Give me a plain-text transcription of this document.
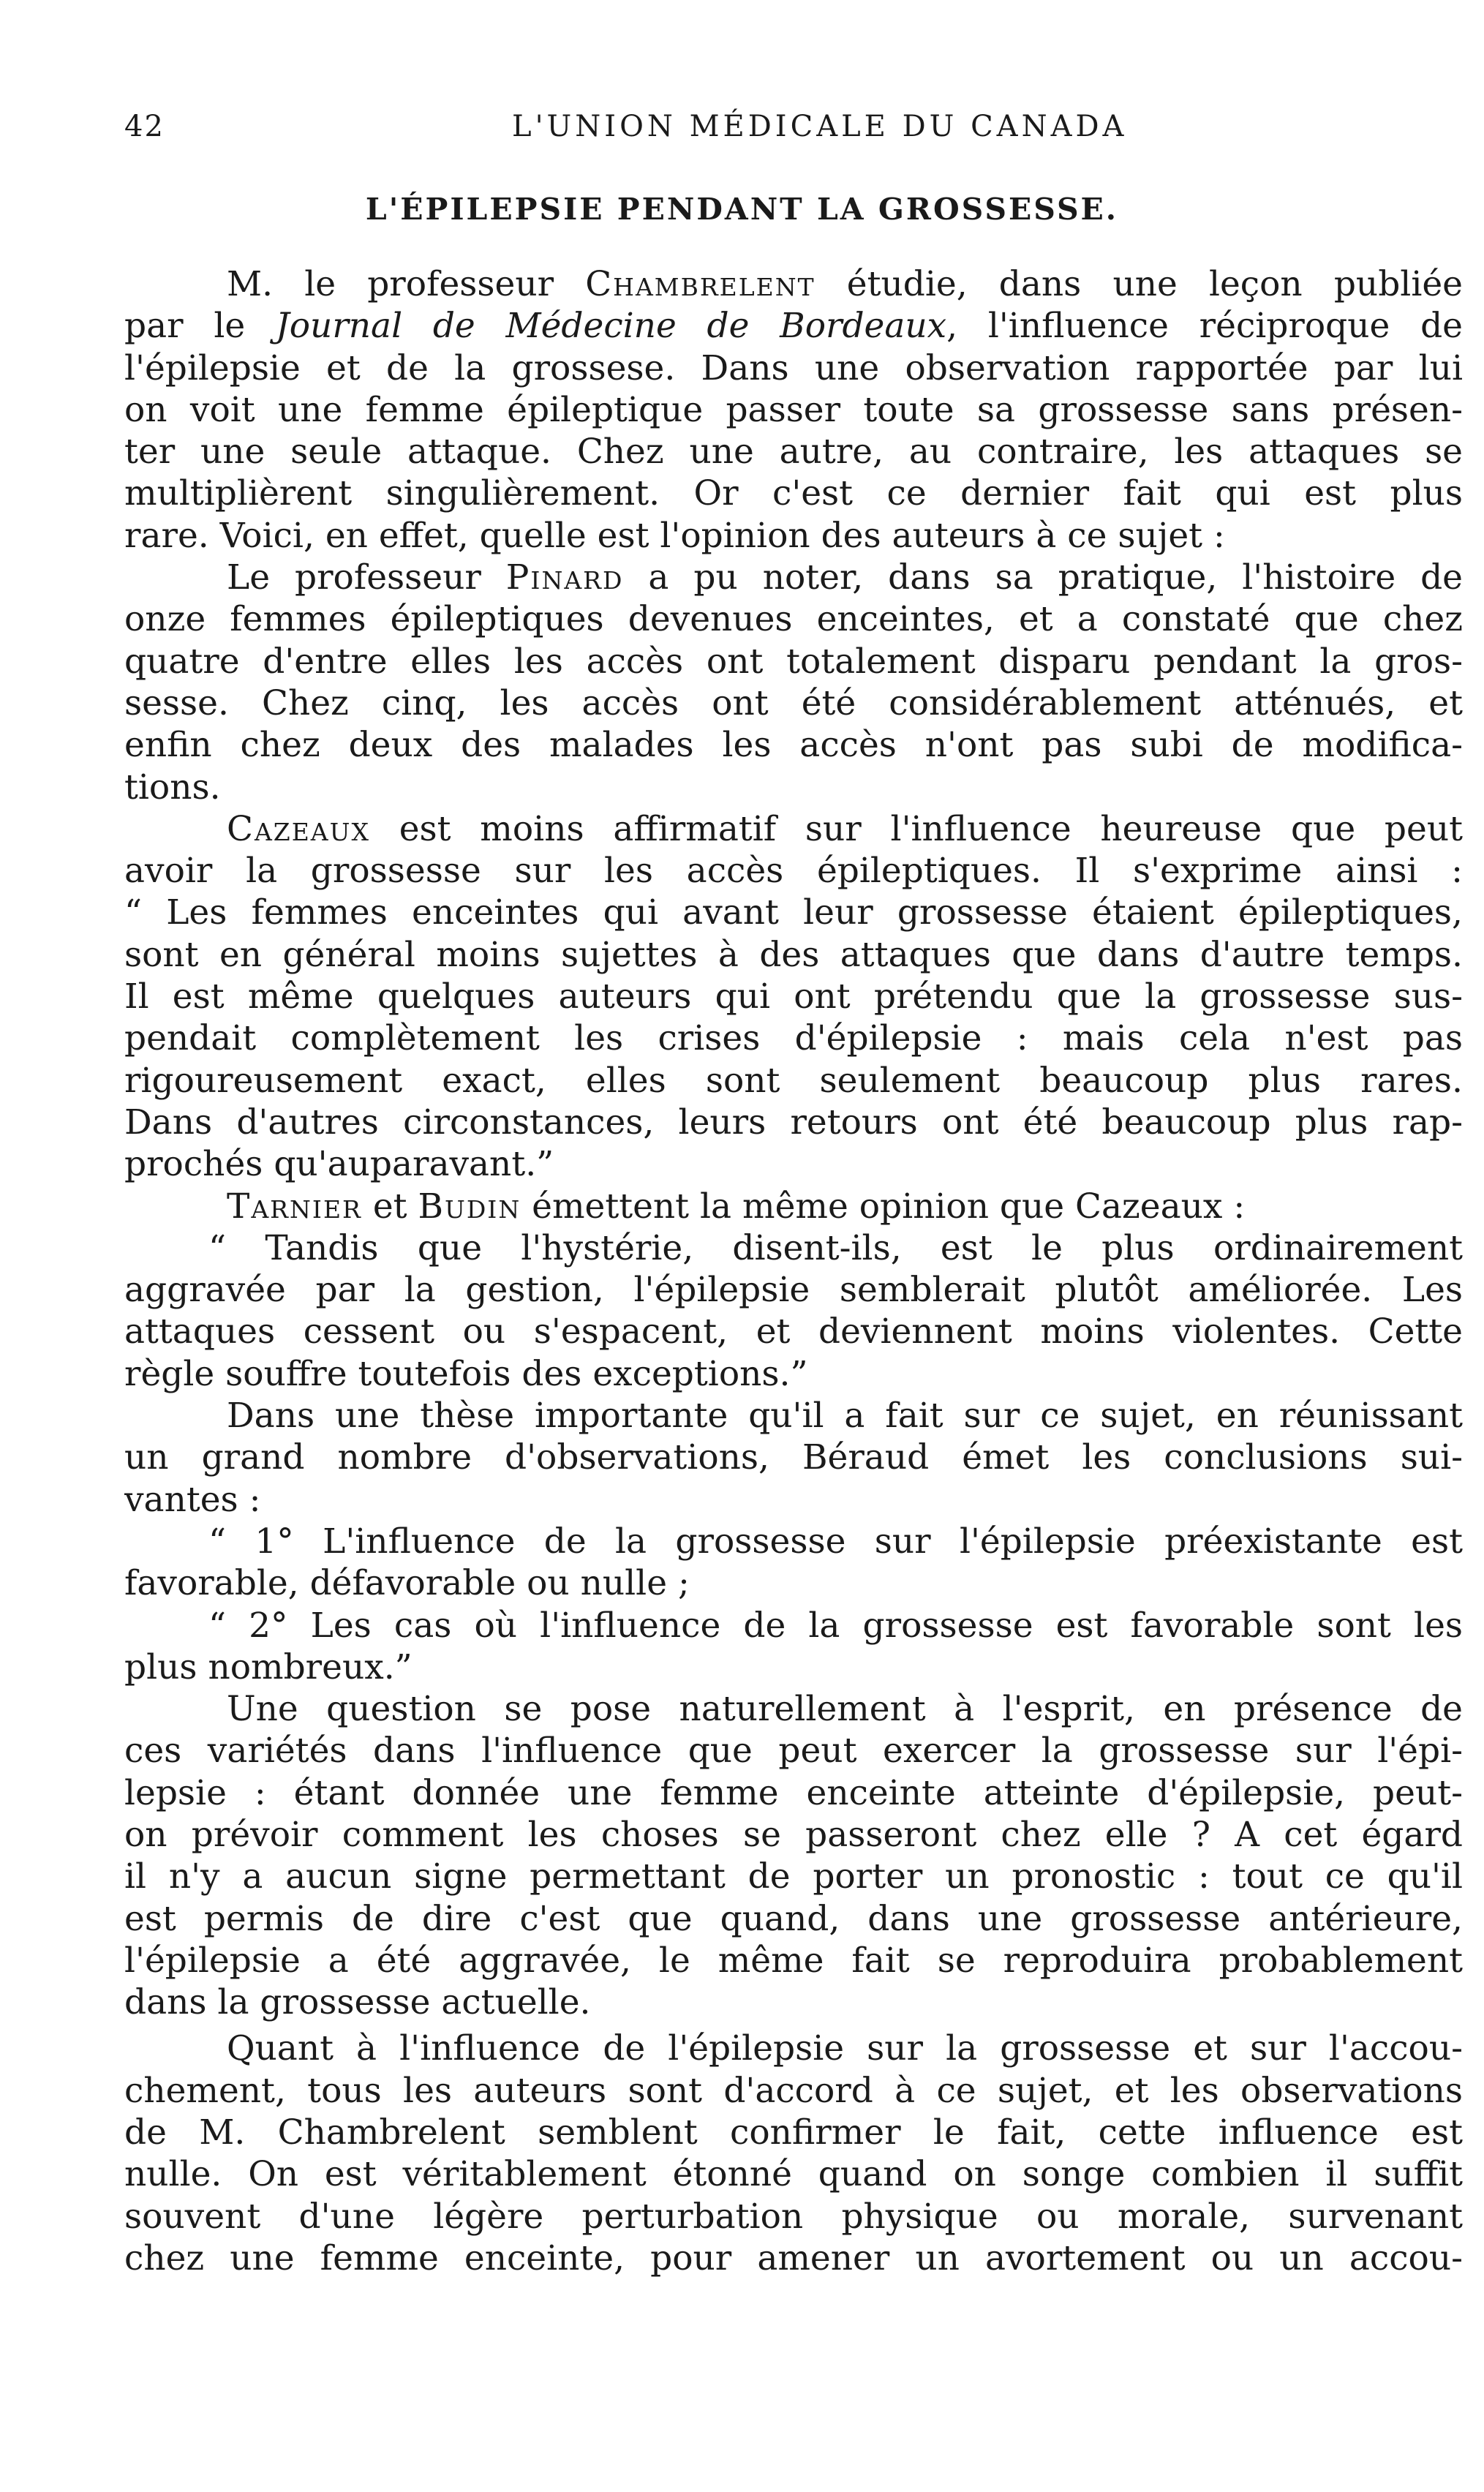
42	L'UNION MÉDICALE DU CANADA
L'ÉPILEPSIE PENDANT LA GROSSESSE.
M. le professeur Chambrelent étudie, dans une leçon publiée
par le Journal de Médecine de Bordeaux, l'influence réciproque de
l'épilepsie et de la grossese. Dans une observation rapportée par lui
on voit une femme épileptique passer toute sa grossesse sans présen-
ter une seule attaque. Chez une autre, au contraire, les attaques se
multiplièrent singulièrement. Or c'est ce dernier fait qui est plus
rare. Voici, en effet, quelle est l'opinion des auteurs à ce sujet :
Le professeur Pinard a pu noter, dans sa pratique, l'histoire de
onze femmes épileptiques devenues enceintes, et a constaté que chez
quatre d'entre elles les accès ont totalement disparu pendant la gros-
sesse. Chez cinq, les accès ont été considérablement atténués, et
enfin chez deux des malades les accès n'ont pas subi de modifica-
tions.
Cazeaux est moins affirmatif sur l'influence heureuse que peut
avoir la grossesse sur les accès épileptiques. Il s'exprime ainsi :
“ Les femmes enceintes qui avant leur grossesse étaient épileptiques,
sont en général moins sujettes à des attaques que dans d'autre temps.
Il est même quelques auteurs qui ont prétendu que la grossesse sus-
pendait complètement les crises d'épilepsie : mais cela n'est pas
rigoureusement exact, elles sont seulement beaucoup plus rares.
Dans d'autres circonstances, leurs retours ont été beaucoup plus rap-
prochés qu'auparavant.”
Tarnier et Budin émettent la même opinion que Cazeaux :
“ Tandis que l'hystérie, disent-ils, est le plus ordinairement
aggravée par la gestion, l'épilepsie semblerait plutôt améliorée. Les
attaques cessent ou s'espacent, et deviennent moins violentes. Cette
règle souffre toutefois des exceptions.”
Dans une thèse importante qu'il a fait sur ce sujet, en réunissant
un grand nombre d'observations, Béraud émet les conclusions sui-
vantes :
“ 1° L'influence de la grossesse sur l'épilepsie préexistante est
favorable, défavorable ou nulle ;
“ 2° Les cas où l'influence de la grossesse est favorable sont les
plus nombreux.”
Une question se pose naturellement à l'esprit, en présence de
ces variétés dans l'influence que peut exercer la grossesse sur l'épi-
lepsie : étant donnée une femme enceinte atteinte d'épilepsie, peut-
on prévoir comment les choses se passeront chez elle ? A cet égard
il n'y a aucun signe permettant de porter un pronostic : tout ce qu'il
est permis de dire c'est que quand, dans une grossesse antérieure,
l'épilepsie a été aggravée, le même fait se reproduira probablement
dans la grossesse actuelle.
Quant à l'influence de l'épilepsie sur la grossesse et sur l'accou-
chement, tous les auteurs sont d'accord à ce sujet, et les observations
de M. Chambrelent semblent confirmer le fait, cette influence est
nulle. On est véritablement étonné quand on songe combien il suffit
souvent d'une légère perturbation physique ou morale, survenant
chez une femme enceinte, pour amener un avortement ou un accou-
